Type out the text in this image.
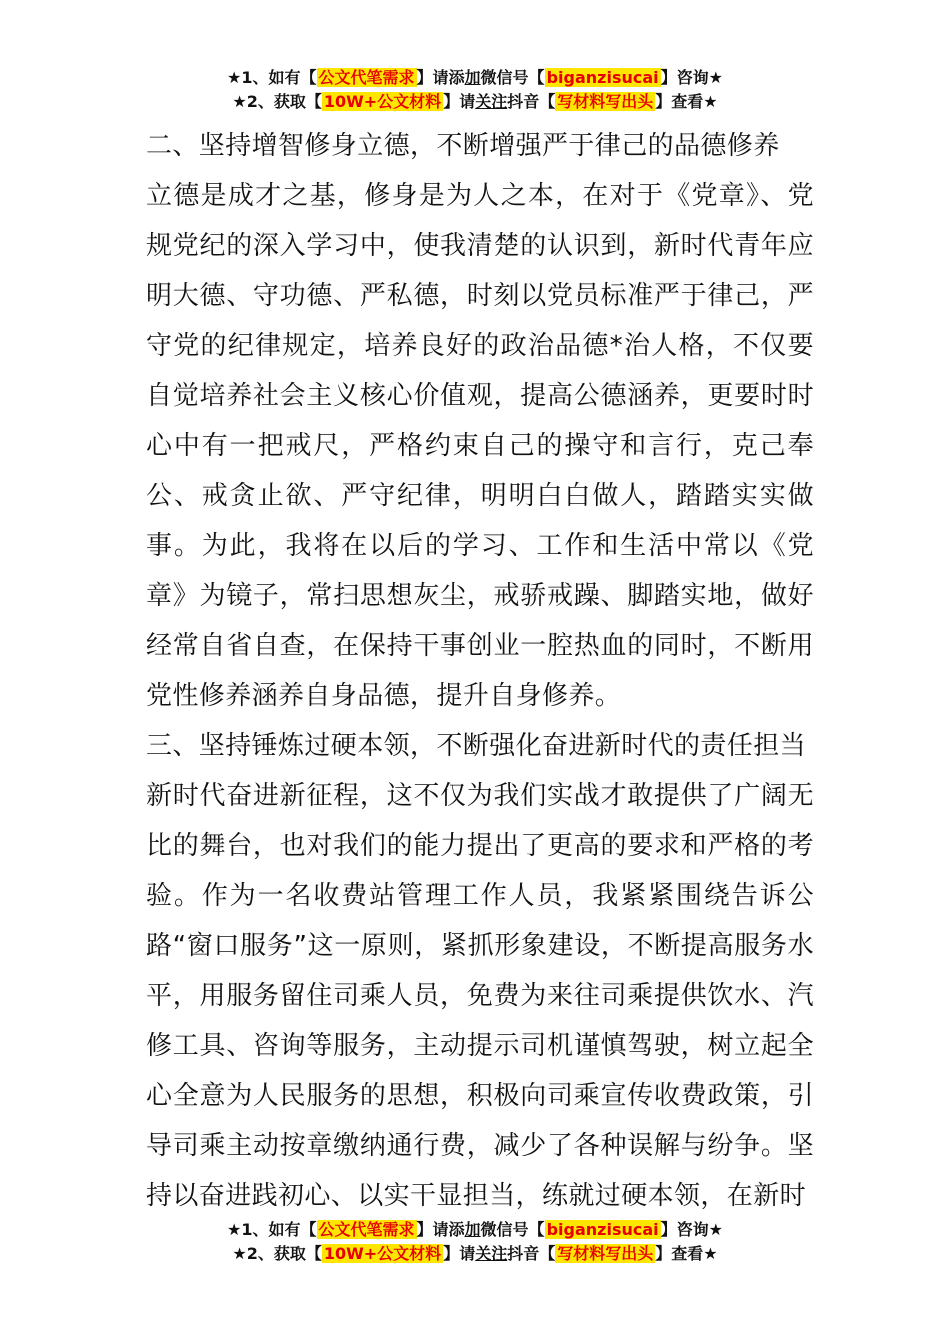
★1、如有【 公文代笔需求 】请添加微信号【 biganzisucai 】咨询★
★2、获取【 10W+公文材料 】请关注抖音【 写材料写出头 】查看★

二、坚持增智修身立德，不断增强严于律己的品德修养

立德是成才之基，修身是为人之本，在对于《党章》、党规党纪的深入学习中，使我清楚的认识到，新时代青年应明大德、守功德、严私德，时刻以党员标准严于律己，严守党的纪律规定，培养良好的政治品德*治人格，不仅要自觉培养社会主义核心价值观，提高公德涵养，更要时时心中有一把戒尺，严格约束自己的操守和言行，克己奉公、戒贪止欲、严守纪律，明明白白做人，踏踏实实做事。为此，我将在以后的学习、工作和生活中常以《党章》为镜子，常扫思想灰尘，戒骄戒躁、脚踏实地，做好经常自省自查，在保持干事创业一腔热血的同时，不断用党性修养涵养自身品德，提升自身修养。

三、坚持锤炼过硬本领，不断强化奋进新时代的责任担当

新时代奋进新征程，这不仅为我们实战才敢提供了广阔无比的舞台，也对我们的能力提出了更高的要求和严格的考验。作为一名收费站管理工作人员，我紧紧围绕告诉公路“窗口服务”这一原则，紧抓形象建设，不断提高服务水平，用服务留住司乘人员，免费为来往司乘提供饮水、汽修工具、咨询等服务，主动提示司机谨慎驾驶，树立起全心全意为人民服务的思想，积极向司乘宣传收费政策，引导司乘主动按章缴纳通行费，减少了各种误解与纷争。坚持以奋进践初心、以实干显担当，练就过硬本领，在新时

★1、如有【 公文代笔需求 】请添加微信号【 biganzisucai 】咨询★
★2、获取【 10W+公文材料 】请关注抖音【 写材料写出头 】查看★
